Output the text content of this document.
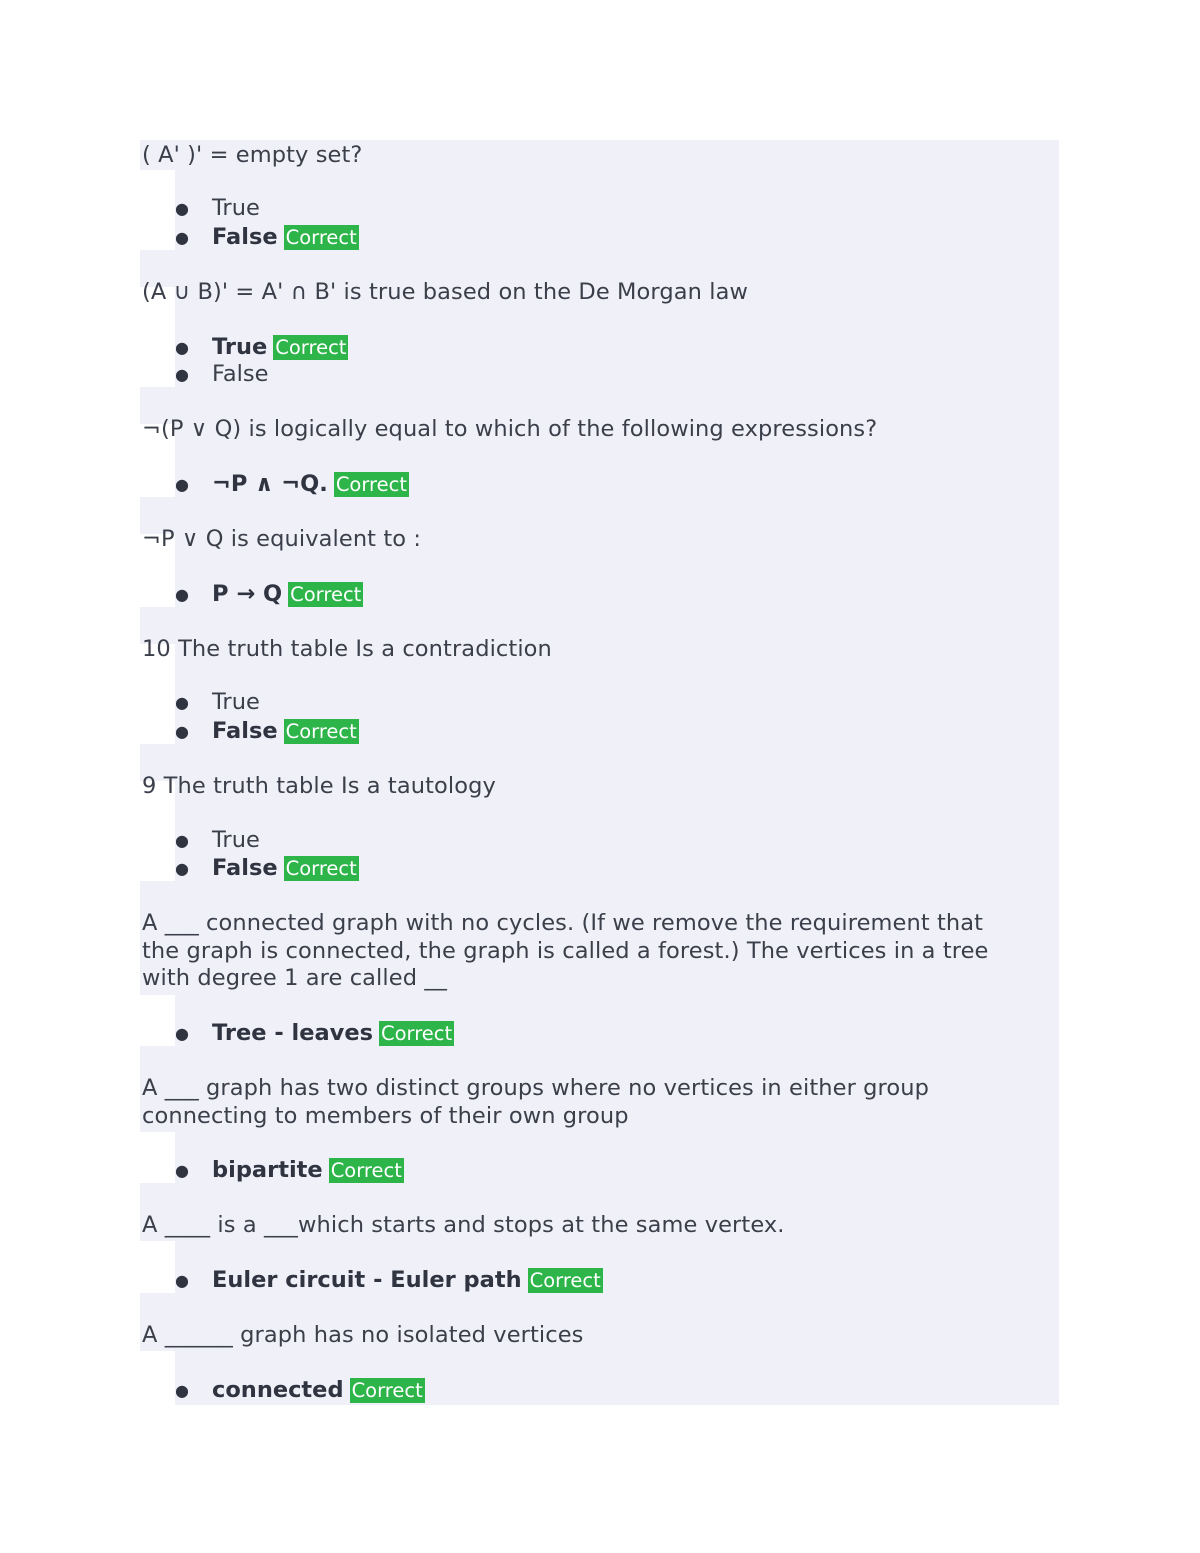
( A' )' = empty set?

●	True
●	False Correct

(A ∪ B)' = A' ∩ B' is true based on the De Morgan law

●	True Correct
●	False

¬(P ∨ Q) is logically equal to which of the following expressions?

●	¬P ∧ ¬Q. Correct

¬P ∨ Q is equivalent to :

●	P → Q Correct

10 The truth table Is a contradiction

●	True
●	False Correct

9 The truth table Is a tautology

●	True
●	False Correct

A ___ connected graph with no cycles. (If we remove the requirement that
the graph is connected, the graph is called a forest.) The vertices in a tree
with degree 1 are called __

●	Tree - leaves Correct

A ___ graph has two distinct groups where no vertices in either group
connecting to members of their own group

●	bipartite Correct

A ____ is a ___which starts and stops at the same vertex.

●	Euler circuit - Euler path Correct

A ______ graph has no isolated vertices

●	connected Correct
